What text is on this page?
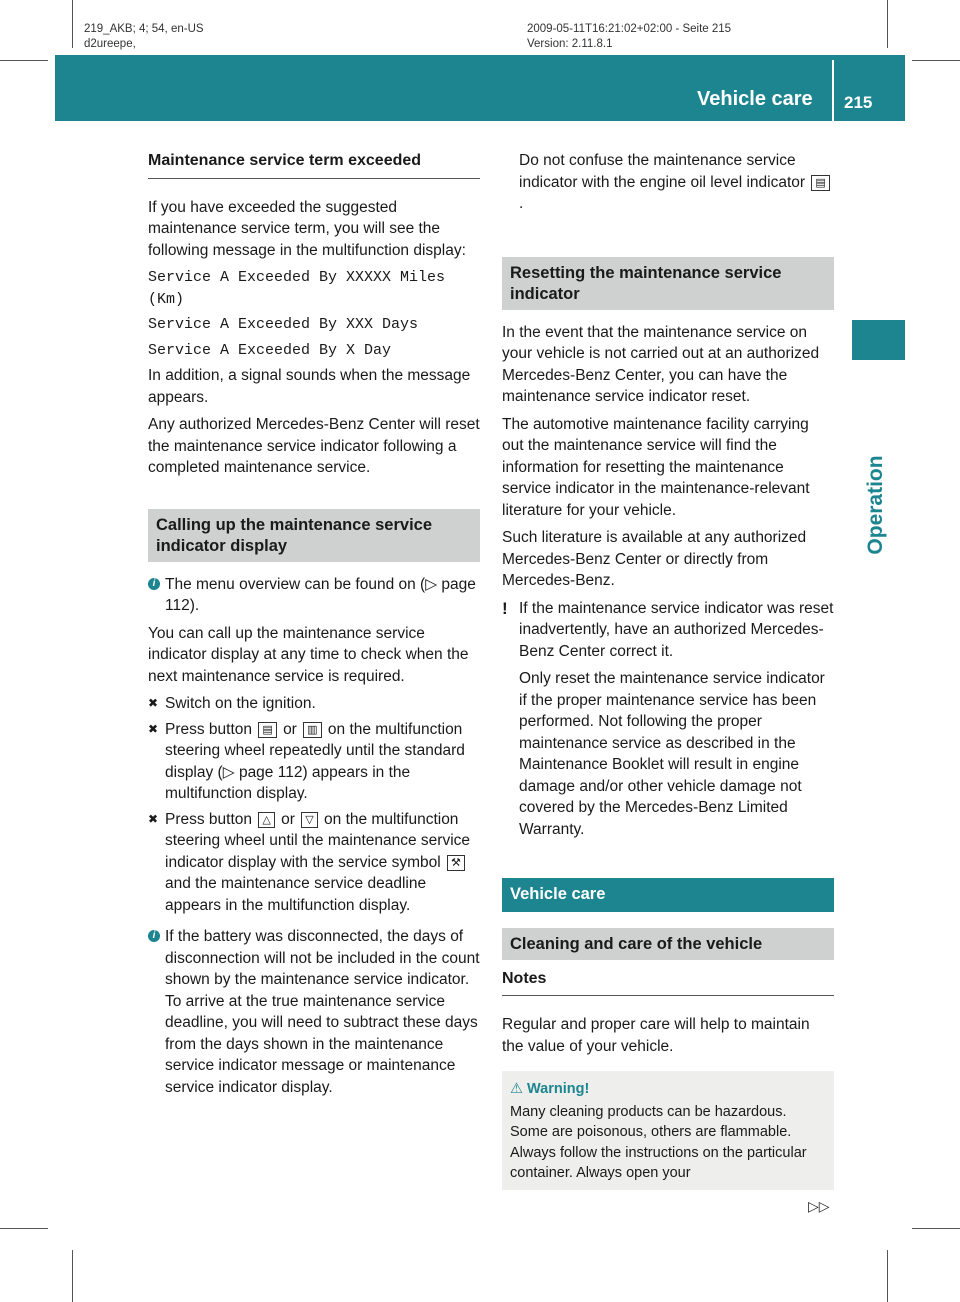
219_AKB; 4; 54, en-US
d2ureepe,
2009-05-11T16:21:02+02:00 - Seite 215
Version: 2.11.8.1
Vehicle care 215
Operation
Maintenance service term exceeded

If you have exceeded the suggested maintenance service term, you will see the following message in the multifunction display:

Service A Exceeded By XXXXX Miles (Km)

Service A Exceeded By XXX Days

Service A Exceeded By X Day

In addition, a signal sounds when the message appears.

Any authorized Mercedes-Benz Center will reset the maintenance service indicator following a completed maintenance service.

Calling up the maintenance service indicator display
i The menu overview can be found on (▷ page 112).

You can call up the maintenance service indicator display at any time to check when the next maintenance service is required.

✖ Switch on the ignition.
✖ Press button ▤ or ▥ on the multifunction steering wheel repeatedly until the standard display (▷ page 112) appears in the multifunction display.
✖ Press button △ or ▽ on the multifunction steering wheel until the maintenance service indicator display with the service symbol ⚒ and the maintenance service deadline appears in the multifunction display.
i If the battery was disconnected, the days of disconnection will not be included in the count shown by the maintenance service indicator. To arrive at the true maintenance service deadline, you will need to subtract these days from the days shown in the maintenance service indicator message or maintenance service indicator display.

Do not confuse the maintenance service indicator with the engine oil level indicator ▤.

Resetting the maintenance service indicator

In the event that the maintenance service on your vehicle is not carried out at an authorized Mercedes-Benz Center, you can have the maintenance service indicator reset.

The automotive maintenance facility carrying out the maintenance service will find the information for resetting the maintenance service indicator in the maintenance-relevant literature for your vehicle.

Such literature is available at any authorized Mercedes-Benz Center or directly from Mercedes-Benz.

! If the maintenance service indicator was reset inadvertently, have an authorized Mercedes-Benz Center correct it.

Only reset the maintenance service indicator if the proper maintenance service has been performed. Not following the proper maintenance service as described in the Maintenance Booklet will result in engine damage and/or other vehicle damage not covered by the Mercedes-Benz Limited Warranty.

Vehicle care
Cleaning and care of the vehicle
Notes

Regular and proper care will help to maintain the value of your vehicle.

⚠ Warning!
Many cleaning products can be hazardous. Some are poisonous, others are flammable. Always follow the instructions on the particular container. Always open your
▷▷
